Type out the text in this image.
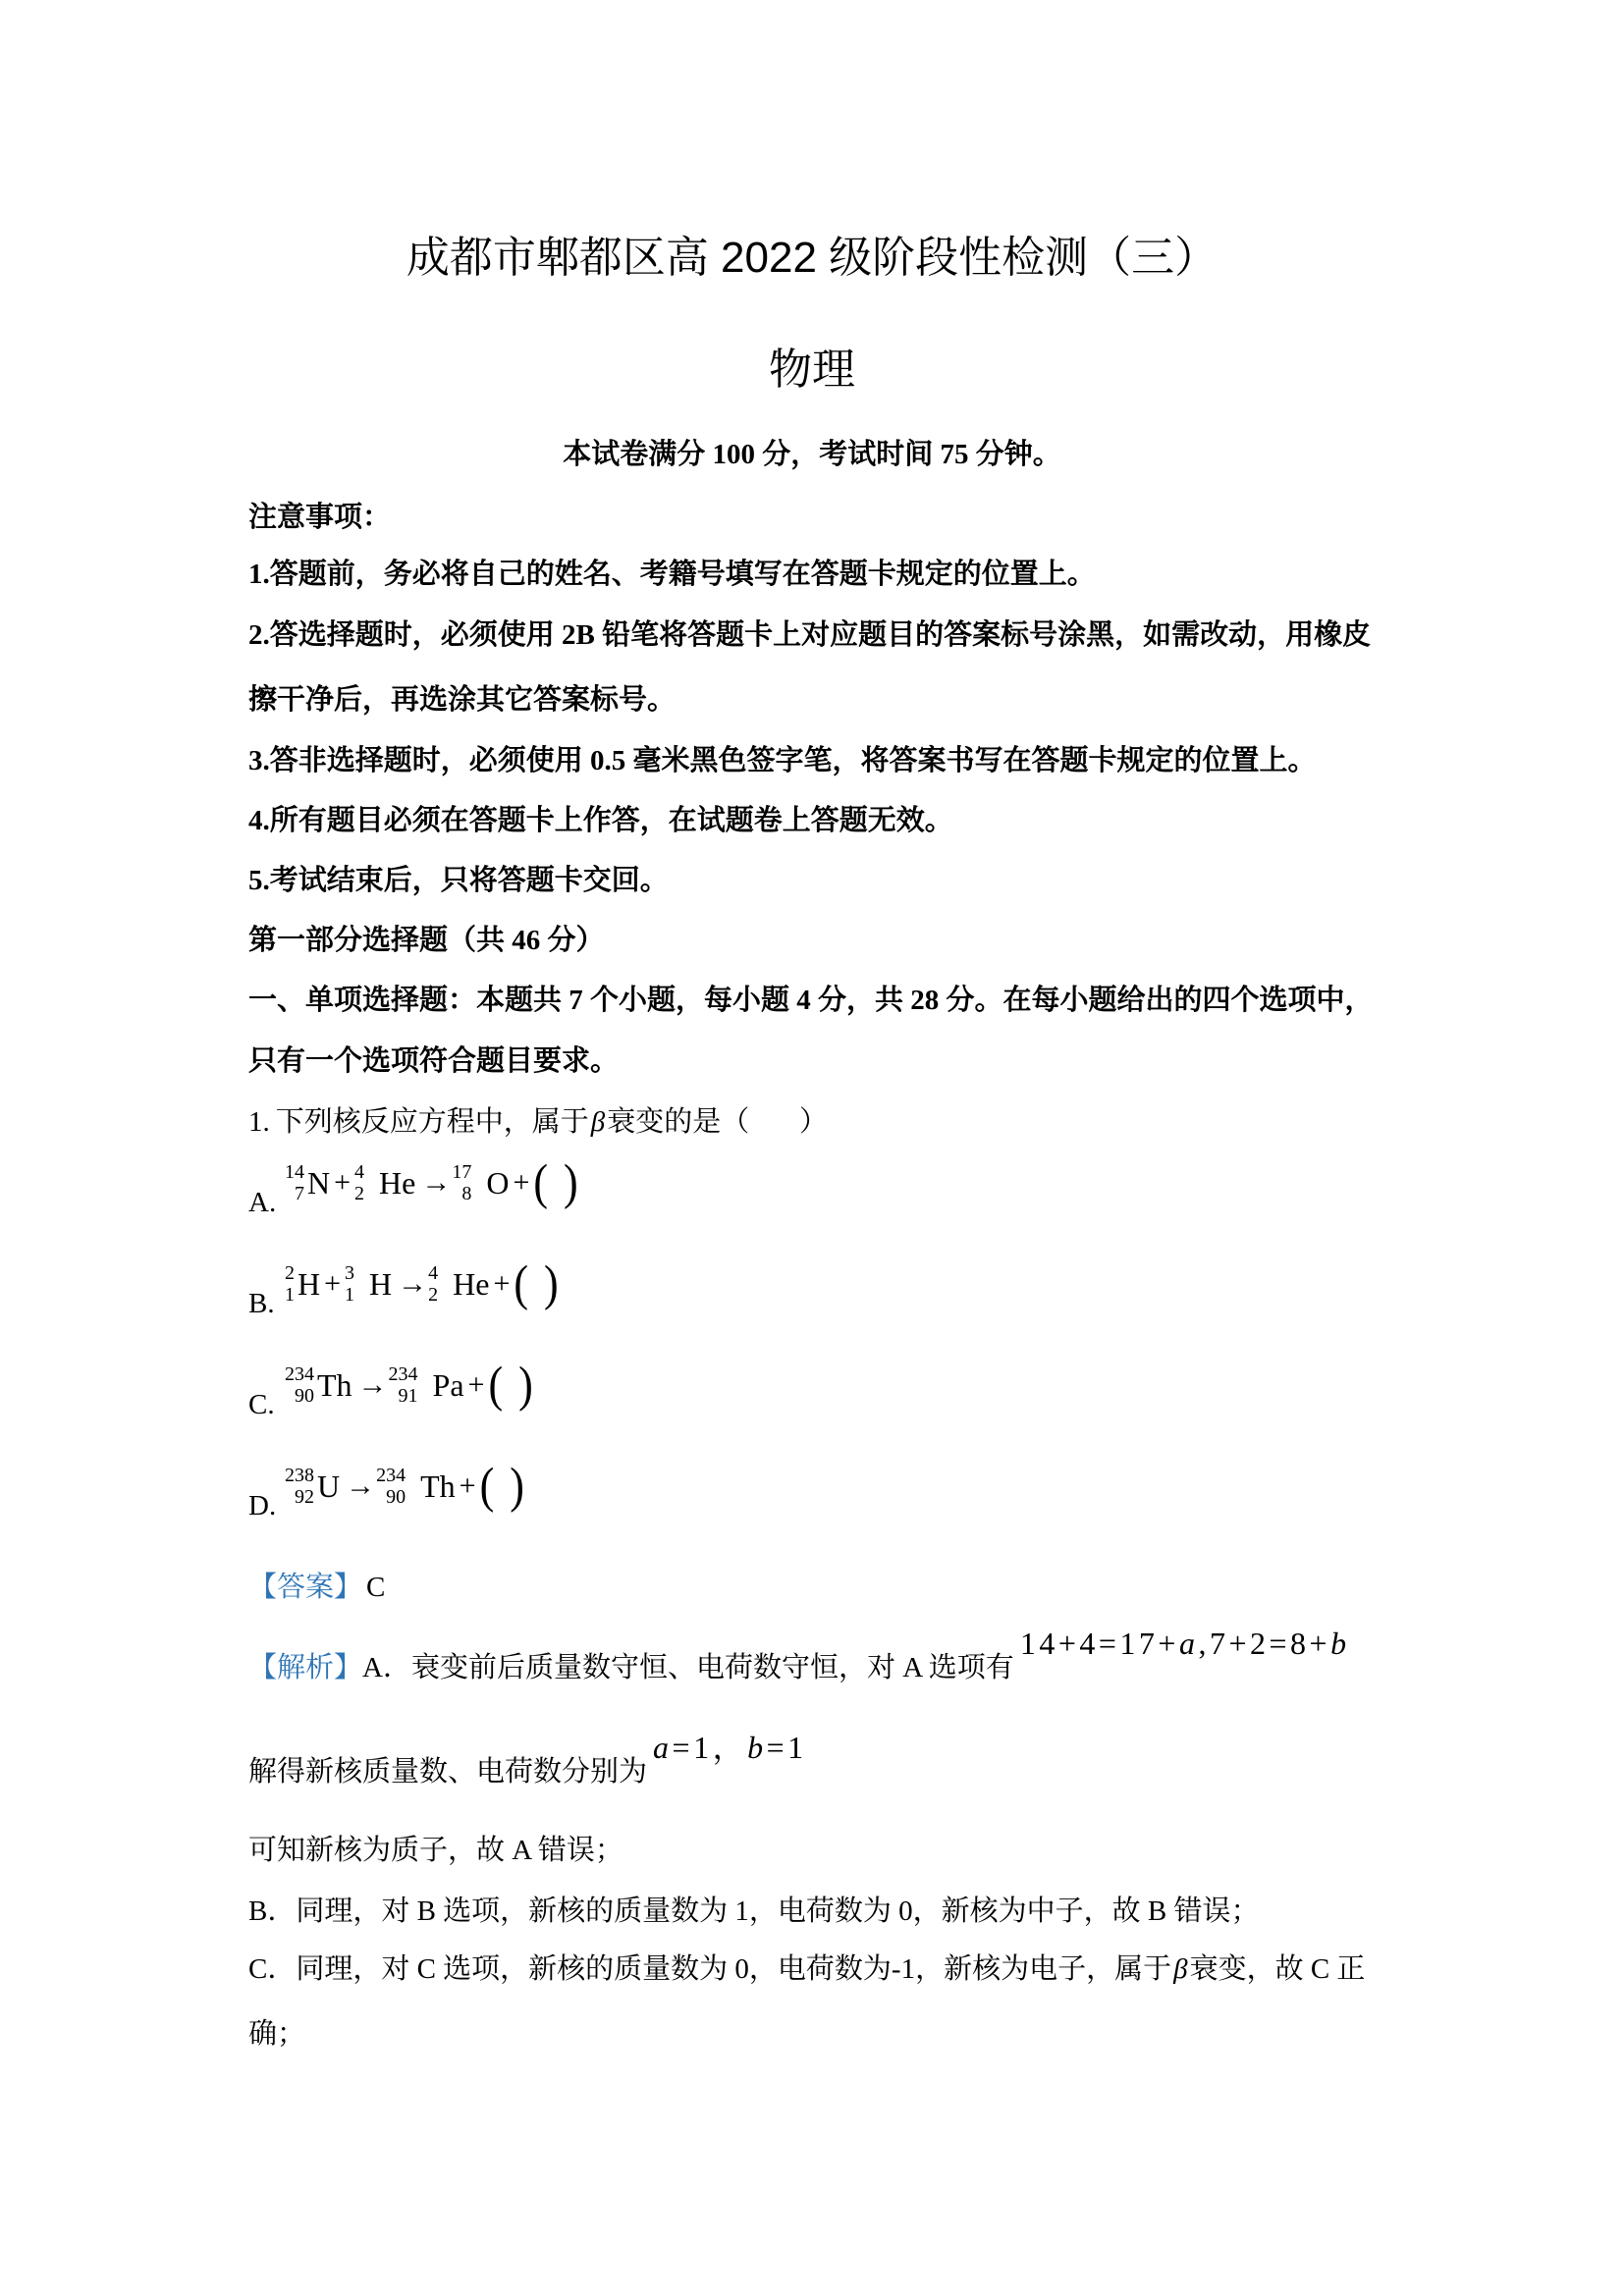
成都市郫都区高 2022 级阶段性检测（三）
物理
本试卷满分 100 分，考试时间 75 分钟。
注意事项：
1.答题前，务必将自己的姓名、考籍号填写在答题卡规定的位置上。
2.答选择题时，必须使用 2B 铅笔将答题卡上对应题目的答案标号涂黑，如需改动，用橡皮
擦干净后，再选涂其它答案标号。
3.答非选择题时，必须使用 0.5 毫米黑色签字笔，将答案书写在答题卡规定的位置上。
4.所有题目必须在答题卡上作答，在试题卷上答题无效。
5.考试结束后，只将答题卡交回。
第一部分选择题（共 46 分）
一、单项选择题：本题共 7 个小题，每小题 4 分，共 28 分。在每小题给出的四个选项中，
只有一个选项符合题目要求。
1. 下列核反应方程中，属于β衰变的是（       ）
A.
14
7 N + 4
2 He → 17
8 O + ( )
B.
2
1 H + 3
1 H → 4
2 He + ( )
C.
234
90 Th → 234
91 Pa + ( )
D.
238
92 U → 234
90 Th + ( )
【答案】 C
【解析】A．衰变前后质量数守恒、电荷数守恒，对 A 选项有14+4=17+a,7+2=8+b
解得新核质量数、电荷数分别为a=1，b=1
可知新核为质子，故 A 错误；
B．同理，对 B 选项，新核的质量数为 1，电荷数为 0，新核为中子，故 B 错误；
C．同理，对 C 选项，新核的质量数为 0，电荷数为-1，新核为电子，属于β衰变，故 C 正
确；
